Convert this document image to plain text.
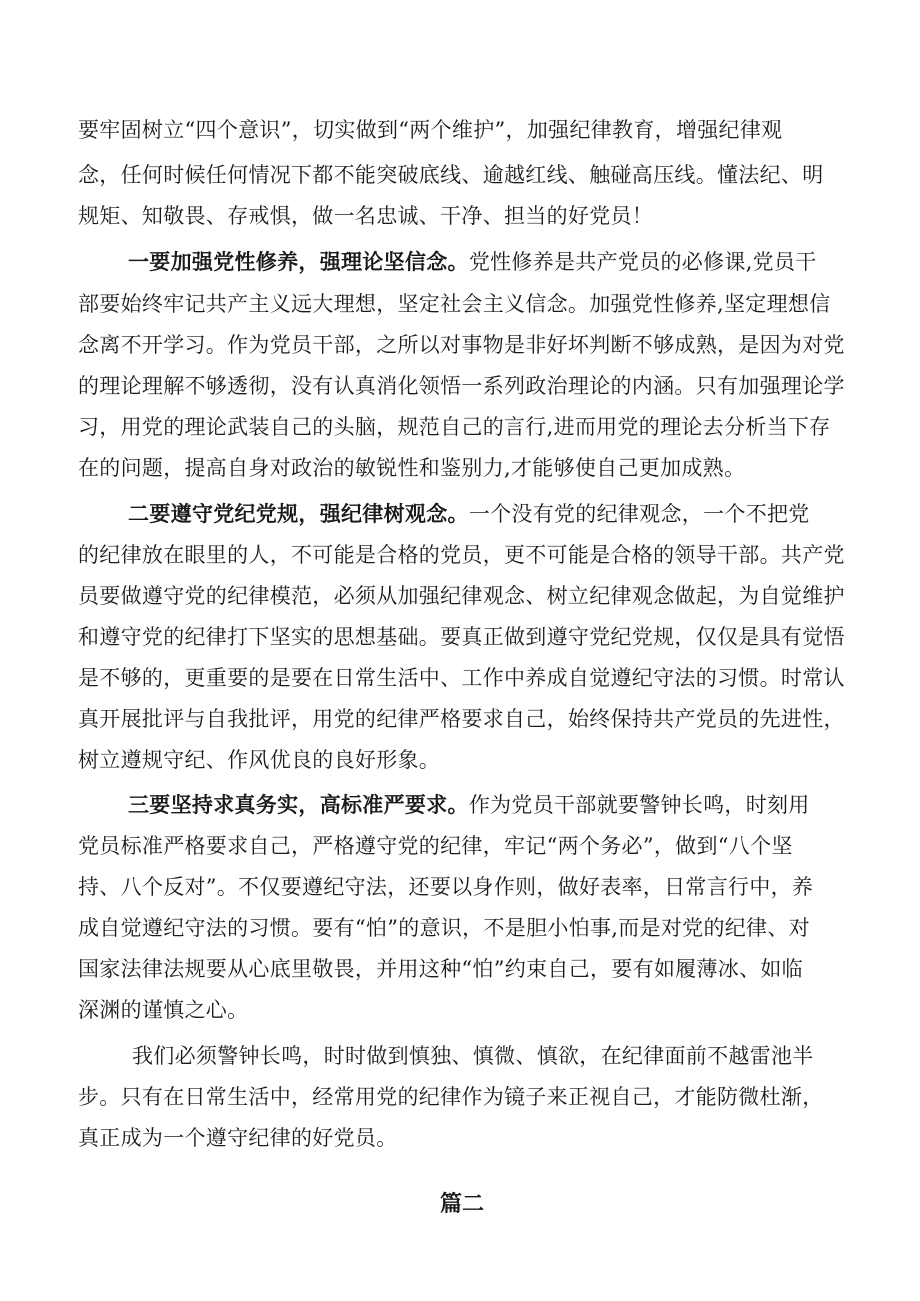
要牢固树立“四个意识”，切实做到“两个维护”，加强纪律教育，增强纪律观
念，任何时候任何情况下都不能突破底线、逾越红线、触碰高压线。懂法纪、明
规矩、知敬畏、存戒惧，做一名忠诚、干净、担当的好党员！
一要加强党性修养，强理论坚信念。党性修养是共产党员的必修课,党员干
部要始终牢记共产主义远大理想，坚定社会主义信念。加强党性修养,坚定理想信
念离不开学习。作为党员干部，之所以对事物是非好坏判断不够成熟，是因为对党
的理论理解不够透彻，没有认真消化领悟一系列政治理论的内涵。只有加强理论学
习，用党的理论武装自己的头脑，规范自己的言行,进而用党的理论去分析当下存
在的问题，提高自身对政治的敏锐性和鉴别力,才能够使自己更加成熟。
二要遵守党纪党规，强纪律树观念。一个没有党的纪律观念，一个不把党
的纪律放在眼里的人，不可能是合格的党员，更不可能是合格的领导干部。共产党
员要做遵守党的纪律模范，必须从加强纪律观念、树立纪律观念做起，为自觉维护
和遵守党的纪律打下坚实的思想基础。要真正做到遵守党纪党规，仅仅是具有觉悟
是不够的，更重要的是要在日常生活中、工作中养成自觉遵纪守法的习惯。时常认
真开展批评与自我批评，用党的纪律严格要求自己，始终保持共产党员的先进性，
树立遵规守纪、作风优良的良好形象。
三要坚持求真务实，高标准严要求。作为党员干部就要警钟长鸣，时刻用
党员标准严格要求自己，严格遵守党的纪律，牢记“两个务必”，做到“八个坚
持、八个反对”。不仅要遵纪守法，还要以身作则，做好表率，日常言行中，养
成自觉遵纪守法的习惯。要有“怕”的意识，不是胆小怕事,而是对党的纪律、对
国家法律法规要从心底里敬畏，并用这种“怕”约束自己，要有如履薄冰、如临
深渊的谨慎之心。
我们必须警钟长鸣，时时做到慎独、慎微、慎欲，在纪律面前不越雷池半
步。只有在日常生活中，经常用党的纪律作为镜子来正视自己，才能防微杜渐，
真正成为一个遵守纪律的好党员。
篇二
